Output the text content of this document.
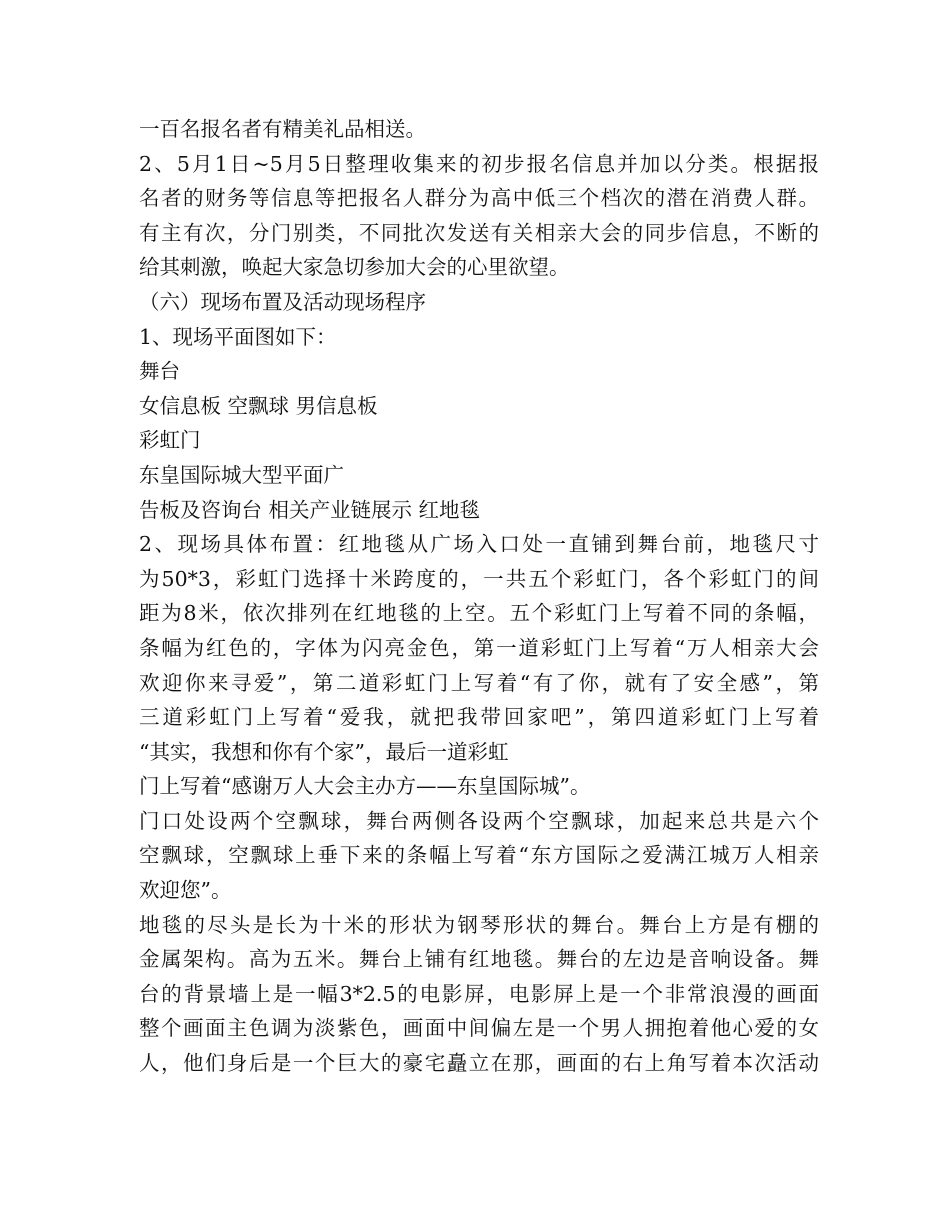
一百名报名者有精美礼品相送。
2、5月1日~5月5日整理收集来的初步报名信息并加以分类。根据报
名者的财务等信息等把报名人群分为高中低三个档次的潜在消费人群。
有主有次，分门别类，不同批次发送有关相亲大会的同步信息，不断的
给其刺激，唤起大家急切参加大会的心里欲望。
（六）现场布置及活动现场程序
1、现场平面图如下：
舞台
女信息板 空飘球 男信息板
彩虹门
东皇国际城大型平面广
告板及咨询台 相关产业链展示 红地毯
2、现场具体布置：红地毯从广场入口处一直铺到舞台前，地毯尺寸
为50*3，彩虹门选择十米跨度的，一共五个彩虹门，各个彩虹门的间
距为8米，依次排列在红地毯的上空。五个彩虹门上写着不同的条幅，
条幅为红色的，字体为闪亮金色，第一道彩虹门上写着“万人相亲大会
欢迎你来寻爱”，第二道彩虹门上写着“有了你，就有了安全感”，第
三道彩虹门上写着“爱我，就把我带回家吧”，第四道彩虹门上写着
“其实，我想和你有个家”，最后一道彩虹
门上写着“感谢万人大会主办方——东皇国际城”。
门口处设两个空飘球，舞台两侧各设两个空飘球，加起来总共是六个
空飘球，空飘球上垂下来的条幅上写着“东方国际之爱满江城万人相亲
欢迎您”。
地毯的尽头是长为十米的形状为钢琴形状的舞台。舞台上方是有棚的
金属架构。高为五米。舞台上铺有红地毯。舞台的左边是音响设备。舞
台的背景墙上是一幅3*2.5的电影屏，电影屏上是一个非常浪漫的画面
整个画面主色调为淡紫色，画面中间偏左是一个男人拥抱着他心爱的女
人，他们身后是一个巨大的豪宅矗立在那，画面的右上角写着本次活动
